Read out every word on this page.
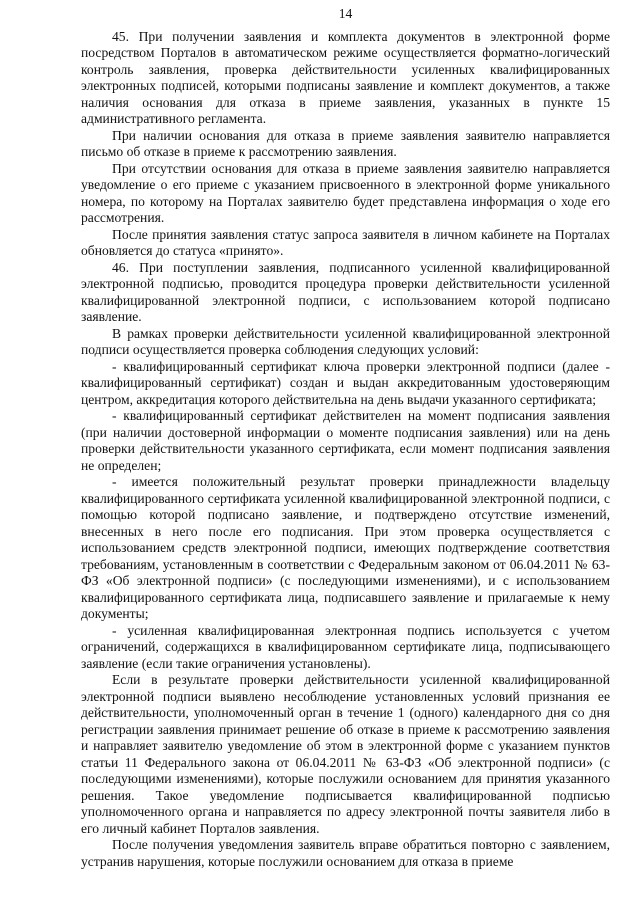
14

45. При получении заявления и комплекта документов в электронной форме посредством Порталов в автоматическом режиме осуществляется форматно-логический контроль заявления, проверка действительности усиленных квалифицированных электронных подписей, которыми подписаны заявление и комплект документов, а также наличия основания для отказа в приеме заявления, указанных в пункте 15 административного регламента.

При наличии основания для отказа в приеме заявления заявителю направляется письмо об отказе в приеме к рассмотрению заявления.

При отсутствии основания для отказа в приеме заявления заявителю направляется уведомление о его приеме с указанием присвоенного в электронной форме уникального номера, по которому на Порталах заявителю будет представлена информация о ходе его рассмотрения.

После принятия заявления статус запроса заявителя в личном кабинете на Порталах обновляется до статуса «принято».

46. При поступлении заявления, подписанного усиленной квалифицированной электронной подписью, проводится процедура проверки действительности усиленной квалифицированной электронной подписи, с использованием которой подписано заявление.

В рамках проверки действительности усиленной квалифицированной электронной подписи осуществляется проверка соблюдения следующих условий:

- квалифицированный сертификат ключа проверки электронной подписи (далее - квалифицированный сертификат) создан и выдан аккредитованным удостоверяющим центром, аккредитация которого действительна на день выдачи указанного сертификата;

- квалифицированный сертификат действителен на момент подписания заявления (при наличии достоверной информации о моменте подписания заявления) или на день проверки действительности указанного сертификата, если момент подписания заявления не определен;

- имеется положительный результат проверки принадлежности владельцу квалифицированного сертификата усиленной квалифицированной электронной подписи, с помощью которой подписано заявление, и подтверждено отсутствие изменений, внесенных в него после его подписания. При этом проверка осуществляется с использованием средств электронной подписи, имеющих подтверждение соответствия требованиям, установленным в соответствии с Федеральным законом от 06.04.2011 № 63-ФЗ «Об электронной подписи» (с последующими изменениями), и с использованием квалифицированного сертификата лица, подписавшего заявление и прилагаемые к нему документы;

- усиленная квалифицированная электронная подпись используется с учетом ограничений, содержащихся в квалифицированном сертификате лица, подписывающего заявление (если такие ограничения установлены).

Если в результате проверки действительности усиленной квалифицированной электронной подписи выявлено несоблюдение установленных условий признания ее действительности, уполномоченный орган в течение 1 (одного) календарного дня со дня регистрации заявления принимает решение об отказе в приеме к рассмотрению заявления и направляет заявителю уведомление об этом в электронной форме с указанием пунктов статьи 11 Федерального закона от 06.04.2011 № 63-ФЗ «Об электронной подписи» (с последующими изменениями), которые послужили основанием для принятия указанного решения. Такое уведомление подписывается квалифицированной подписью уполномоченного органа и направляется по адресу электронной почты заявителя либо в его личный кабинет Порталов заявления.

После получения уведомления заявитель вправе обратиться повторно с заявлением, устранив нарушения, которые послужили основанием для отказа в приеме
